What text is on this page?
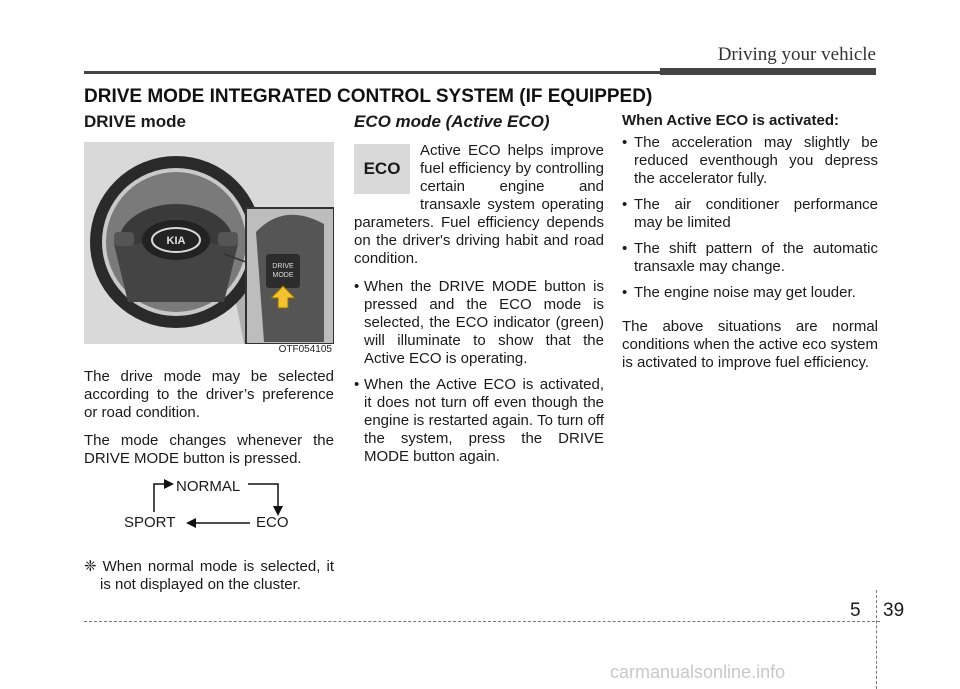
Driving your vehicle
DRIVE MODE INTEGRATED CONTROL SYSTEM (IF EQUIPPED)
DRIVE mode
KIA
DRIVE
MODE
OTF054105

The drive mode may be selected according to the driver’s preference or road condition.

The mode changes whenever the DRIVE MODE button is pressed.

NORMAL
SPORT	ECO

❈ When normal mode is selected, it is not displayed on the cluster.

ECO mode (Active ECO)
ECO

Active ECO helps improve fuel efficiency by controlling certain engine and transaxle system operating parameters. Fuel efficiency depends on the driver's driving habit and road condition.

• When the DRIVE MODE button is pressed and the ECO mode is selected, the ECO indicator (green) will illuminate to show that the Active ECO is operating.
• When the Active ECO is activated, it does not turn off even though the engine is restarted again. To turn off the system, press the DRIVE MODE button again.
When Active ECO is activated:
• The acceleration may slightly be reduced eventhough you depress the accelerator fully.
• The air conditioner performance may be limited
• The shift pattern of the automatic transaxle may change.
• The engine noise may get louder.

The above situations are normal conditions when the active eco system is activated to improve fuel efficiency.

5 39
carmanualsonline.info
